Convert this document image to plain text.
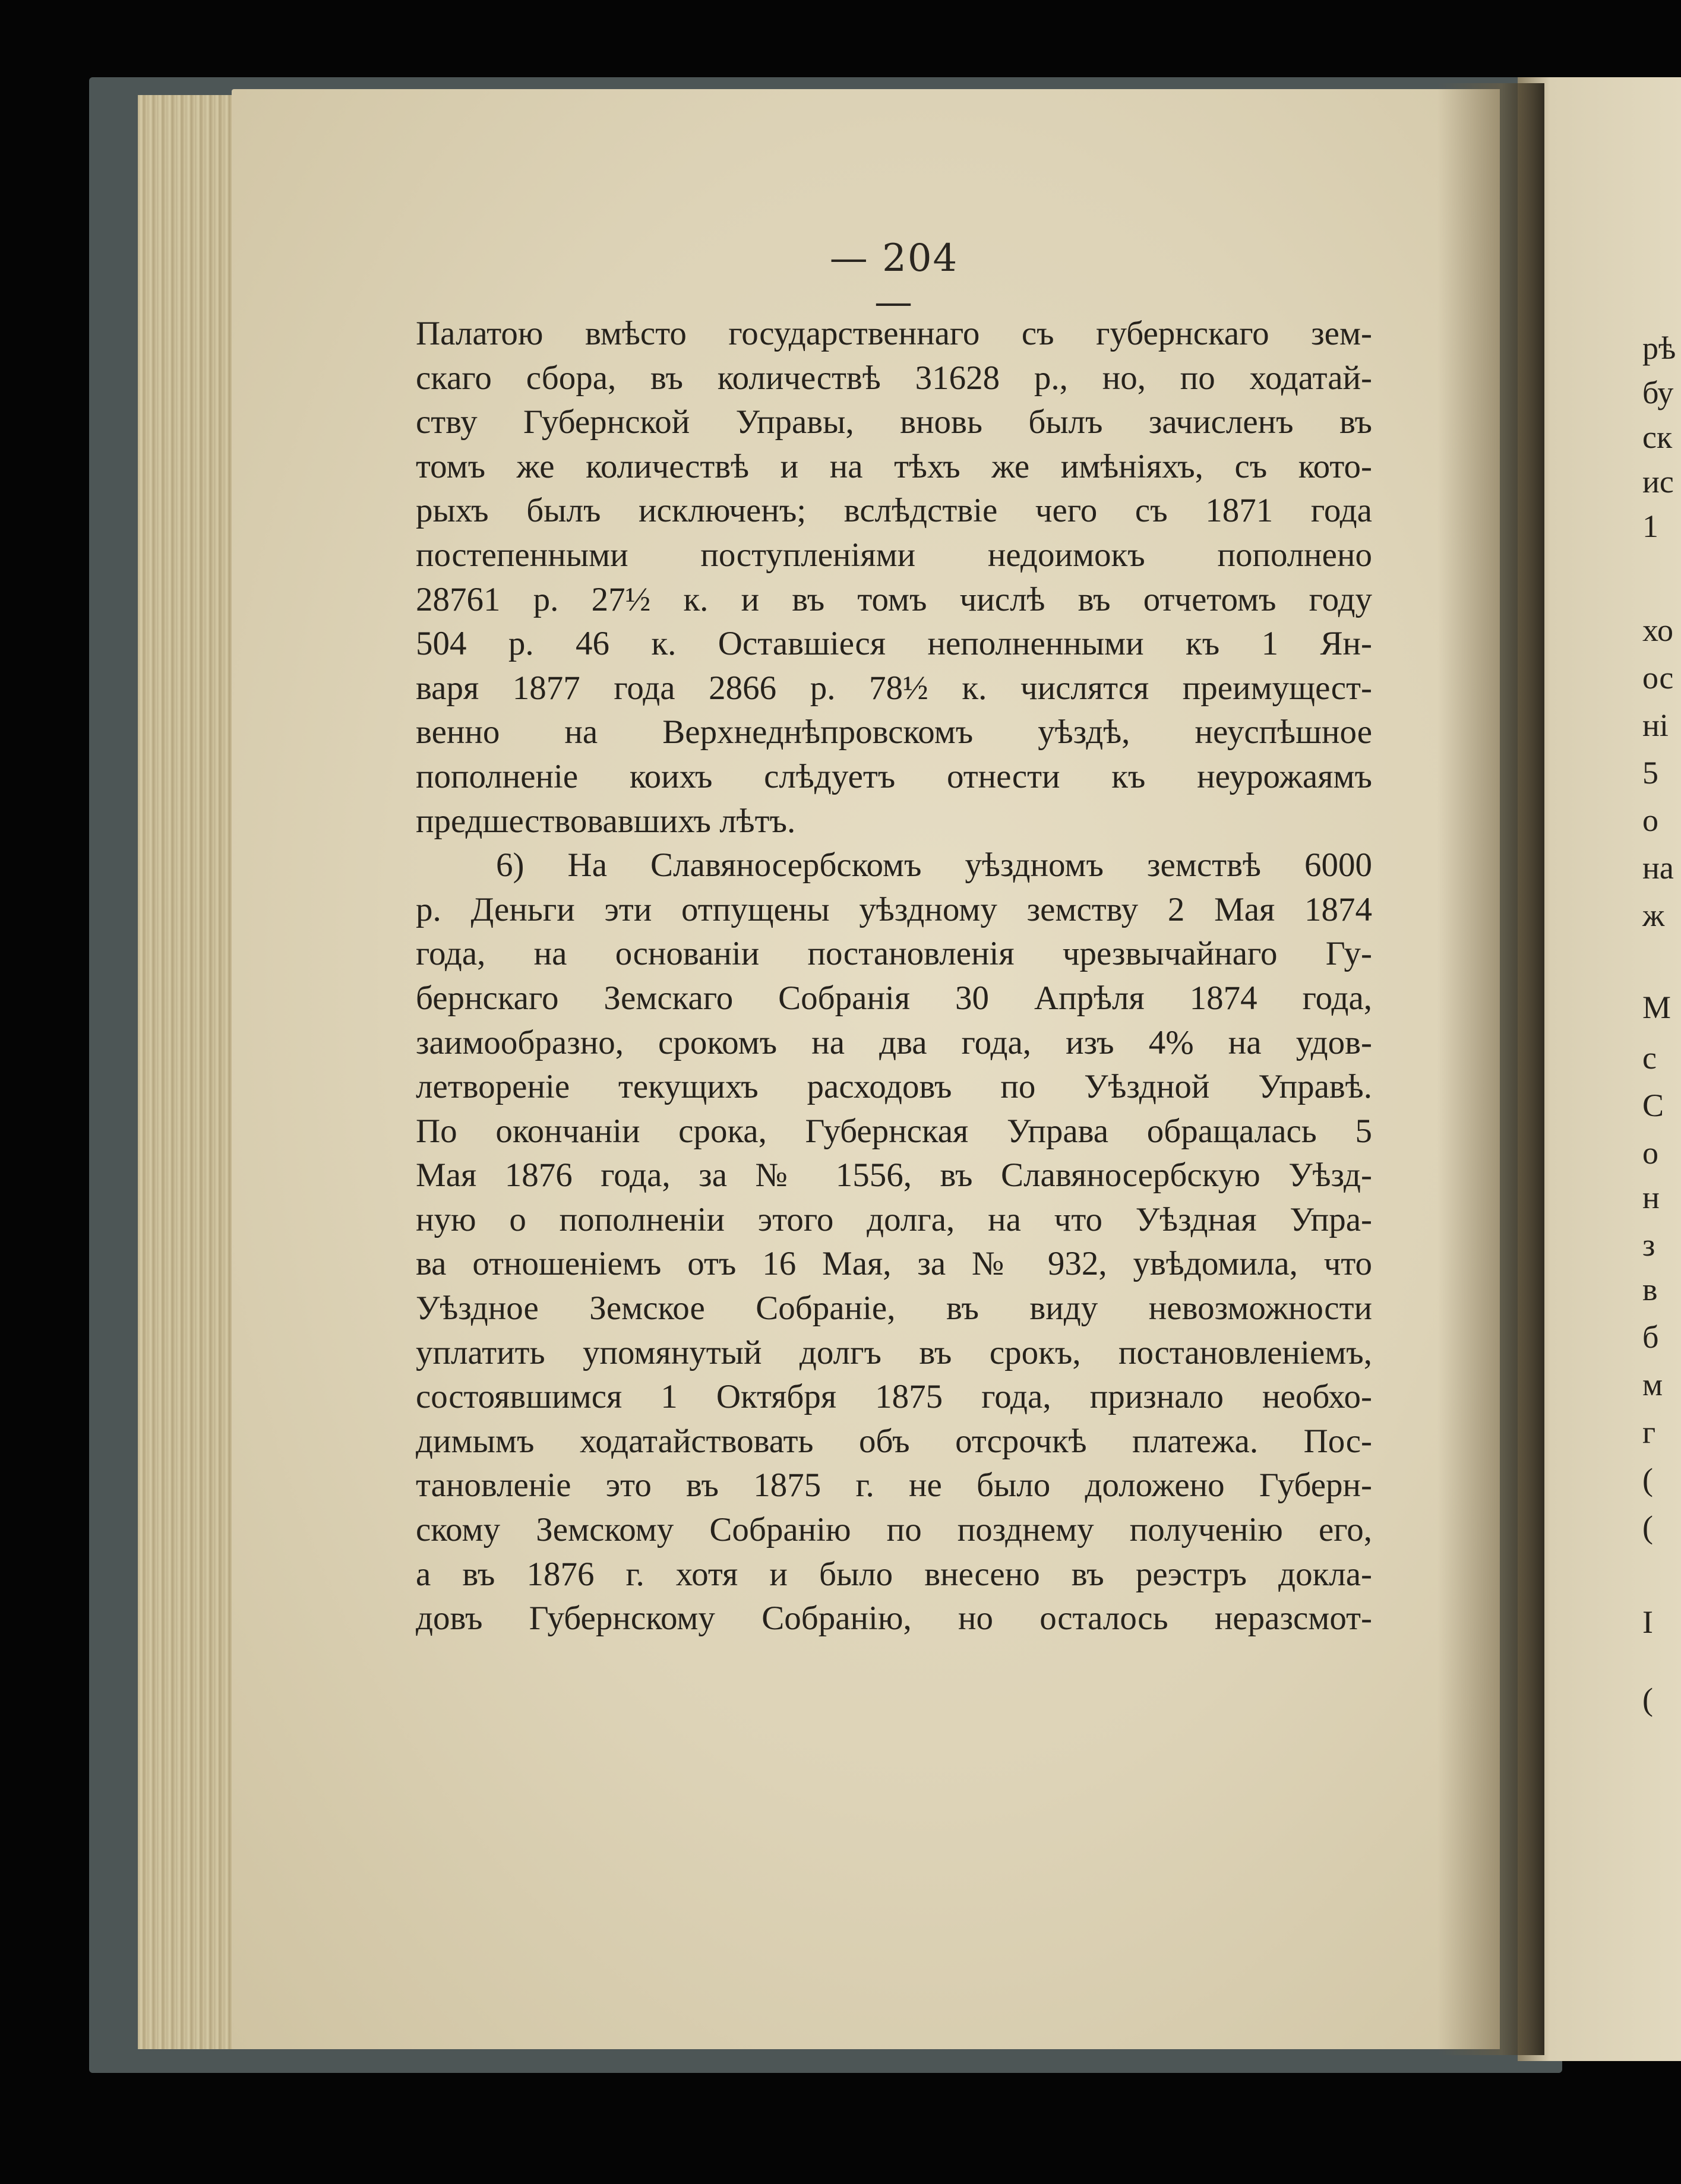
— 204 —
Палатою вмѣсто государственнаго съ губернскаго зем-
скаго сбора, въ количествѣ 31628 р., но, по ходатай-
ству Губернской Управы, вновь былъ зачисленъ въ
томъ же количествѣ и на тѣхъ же имѣніяхъ, съ кото-
рыхъ былъ исключенъ; вслѣдствіе чего съ 1871 года
постепенными поступленіями недоимокъ пополнено
28761 р. 27½ к. и въ томъ числѣ въ отчетомъ году
504 р. 46 к. Оставшіеся неполненными къ 1 Ян-
варя 1877 года 2866 р. 78½ к. числятся преимущест-
венно на Верхнеднѣпровскомъ уѣздѣ, неуспѣшное
пополненіе коихъ слѣдуетъ отнести къ неурожаямъ
предшествовавшихъ лѣтъ.
6) На Славяносербскомъ уѣздномъ земствѣ 6000
р. Деньги эти отпущены уѣздному земству 2 Мая 1874
года, на основаніи постановленія чрезвычайнаго Гу-
бернскаго Земскаго Собранія 30 Апрѣля 1874 года,
заимообразно, срокомъ на два года, изъ 4% на удов-
летвореніе текущихъ расходовъ по Уѣздной Управѣ.
По окончаніи срока, Губернская Управа обращалась 5
Мая 1876 года, за № 1556, въ Славяносербскую Уѣзд-
ную о пополненіи этого долга, на что Уѣздная Упра-
ва отношеніемъ отъ 16 Мая, за № 932, увѣдомила, что
Уѣздное Земское Собраніе, въ виду невозможности
уплатить упомянутый долгъ въ срокъ, постановленіемъ,
состоявшимся 1 Октября 1875 года, признало необхо-
димымъ ходатайствовать объ отсрочкѣ платежа. Пос-
тановленіе это въ 1875 г. не было доложено Губерн-
скому Земскому Собранію по позднему полученію его,
а въ 1876 г. хотя и было внесено въ реэстръ доклa-
довъ Губернскому Собранію, но осталось неразсмот-
рѣ
бу
ск
ис
1
хо
ос
ні
5
о
на
ж
М
с
С
о
н
з
в
б
м
г
(
(
І
(
